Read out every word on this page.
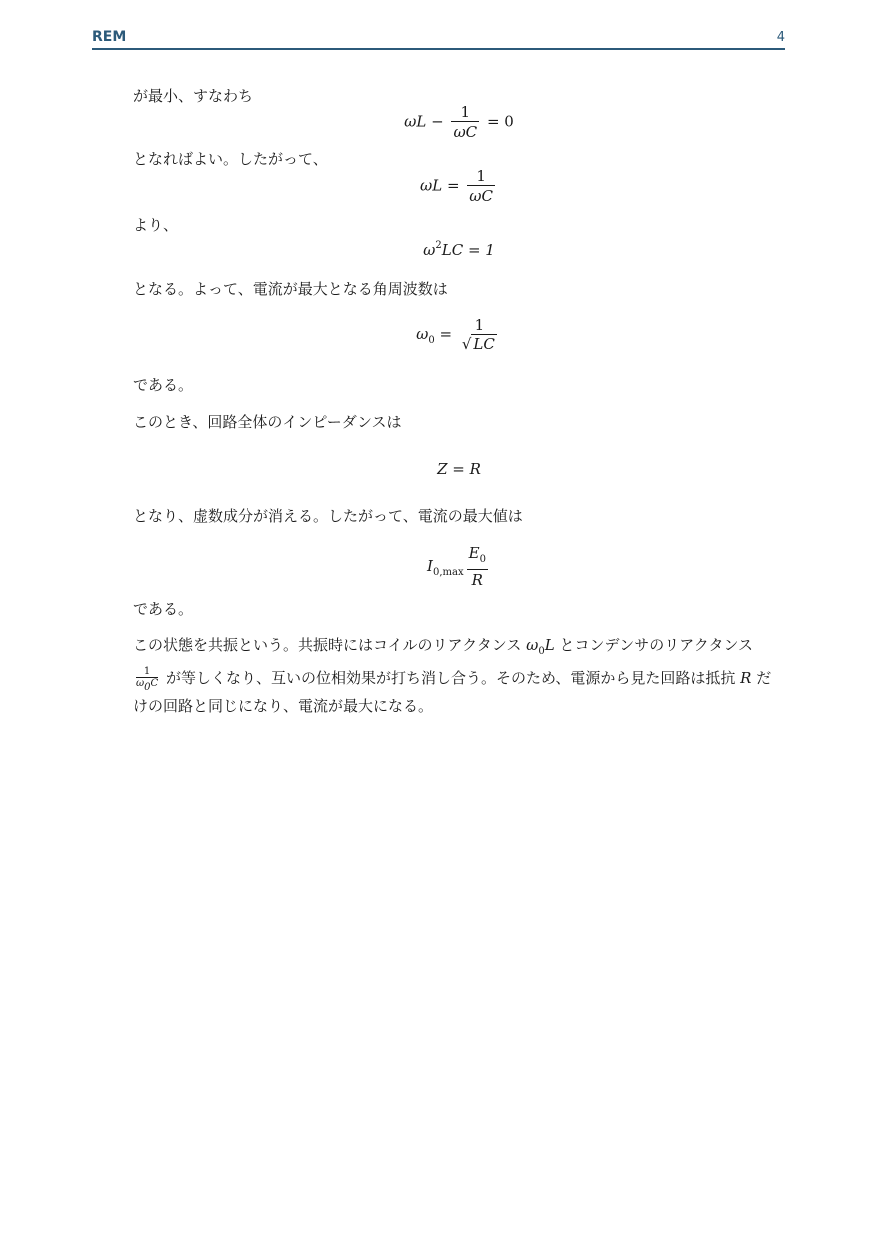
REM	4
が最小、すなわち
$\omega L - \frac{1}{\omega C} = 0$
となればよい。したがって、
$\omega L = \frac{1}{\omega C}$
より、
$\omega^2LC = 1$
となる。よって、電流が最大となる角周波数は
$\omega_0$ =	1
√ LC
である。
このとき、回路全体のインピーダンスは
Z = R
となり、虚数成分が消える。したがって、電流の最大値は
$I_{0,max} \frac{E_0}{R}$
である。
この状態を共振という。共振時にはコイルのリアクタンス $\omega_0L$ とコンデンサのリアクタンス
$\frac{1}{\omega 0C}$ が等しくなり、互いの位相効果が打ち消し合う。そのため、電源から見た回路は抵抗 R だけの回路と同じになり、電流が最大になる。
